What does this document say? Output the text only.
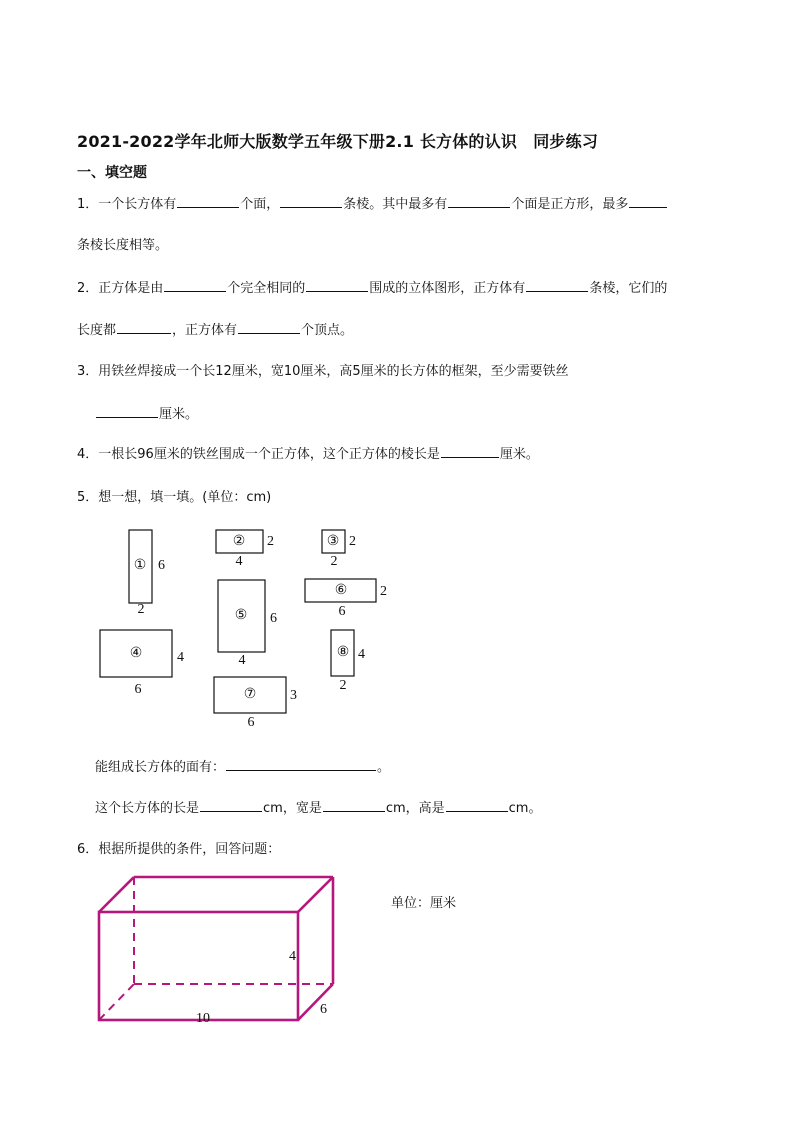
2021-2022学年北师大版数学五年级下册2.1 长方体的认识　同步练习
一、填空题
1．一个长方体有	个面，	条棱。其中最多有	个面是正方形，最多
条棱长度相等。
2．正方体是由	个完全相同的	围成的立体图形，正方体有	条棱，它们的
长度都	，正方体有	个顶点。
3．用铁丝焊接成一个长12厘米，宽10厘米，高5厘米的长方体的框架，至少需要铁丝
厘米。
4．一根长96厘米的铁丝围成一个正方体，这个正方体的棱长是	厘米。
5．想一想，填一填。(单位：cm)
① 6
2
② 2
4
③ 2
2
④ 4
6
⑤ 6
4
⑥ 2
6
⑦ 3
6
⑧ 4
2
能组成长方体的面有：	。
这个长方体的长是	cm，宽是	cm，高是	cm。
6．根据所提供的条件，回答问题：
单位：厘米
4
10
6
